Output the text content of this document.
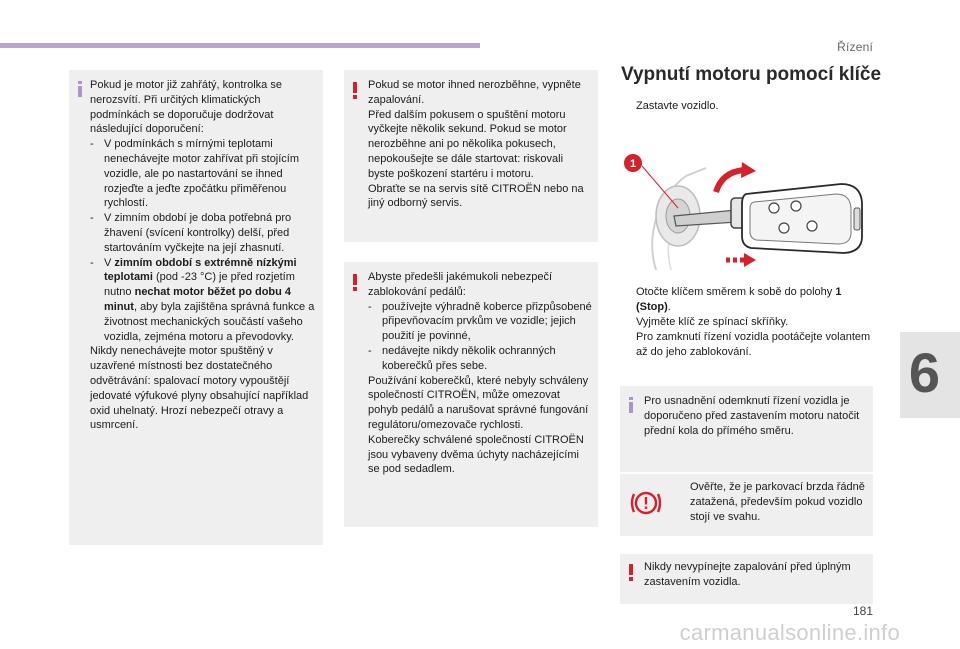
Řízení
6
181
carmanualsonline.info

Pokud je motor již zahřátý, kontrolka se nerozsvítí. Při určitých klimatických podmínkách se doporučuje dodržovat následující doporučení:

- V podmínkách s mírnými teplotami nenechávejte motor zahřívat při stojícím vozidle, ale po nastartování se ihned rozjeďte a jeďte zpočátku přiměřenou rychlostí.
- V zimním období je doba potřebná pro žhavení (svícení kontrolky) delší, před startováním vyčkejte na její zhasnutí.
- V zimním období s extrémně nízkými teplotami (pod -23 °C) je před rozjetím nutno nechat motor běžet po dobu 4 minut, aby byla zajištěna správná funkce a životnost mechanických součástí vašeho vozidla, zejména motoru a převodovky.

Nikdy nenechávejte motor spuštěný v uzavřené místnosti bez dostatečného odvětrávání: spalovací motory vypouštějí jedovaté výfukové plyny obsahující například oxid uhelnatý. Hrozí nebezpečí otravy a usmrcení.

Pokud se motor ihned nerozběhne, vypněte zapalování.

Před dalším pokusem o spuštění motoru vyčkejte několik sekund. Pokud se motor nerozběhne ani po několika pokusech, nepokoušejte se dále startovat: riskovali byste poškození startéru i motoru.

Obraťte se na servis sítě CITROËN nebo na jiný odborný servis.

Abyste předešli jakémukoli nebezpečí zablokování pedálů:

- používejte výhradně koberce přizpůsobené připevňovacím prvkům ve vozidle; jejich použití je povinné,
- nedávejte nikdy několik ochranných koberečků přes sebe.

Používání koberečků, které nebyly schváleny společností CITROËN, může omezovat pohyb pedálů a narušovat správné fungování regulátoru/omezovače rychlosti.

Koberečky schválené společností CITROËN jsou vybaveny dvěma úchyty nacházejícími se pod sedadlem.

Vypnutí motoru pomocí klíče
Zastavte vozidlo.
1
Otočte klíčem směrem k sobě do polohy 1 (Stop).
Vyjměte klíč ze spínací skříňky.
Pro zamknutí řízení vozidla pootáčejte volantem až do jeho zablokování.

Pro usnadnění odemknutí řízení vozidla je doporučeno před zastavením motoru natočit přední kola do přímého směru.

Ověřte, že je parkovací brzda řádně zatažená, především pokud vozidlo stojí ve svahu.

Nikdy nevypínejte zapalování před úplným zastavením vozidla.
